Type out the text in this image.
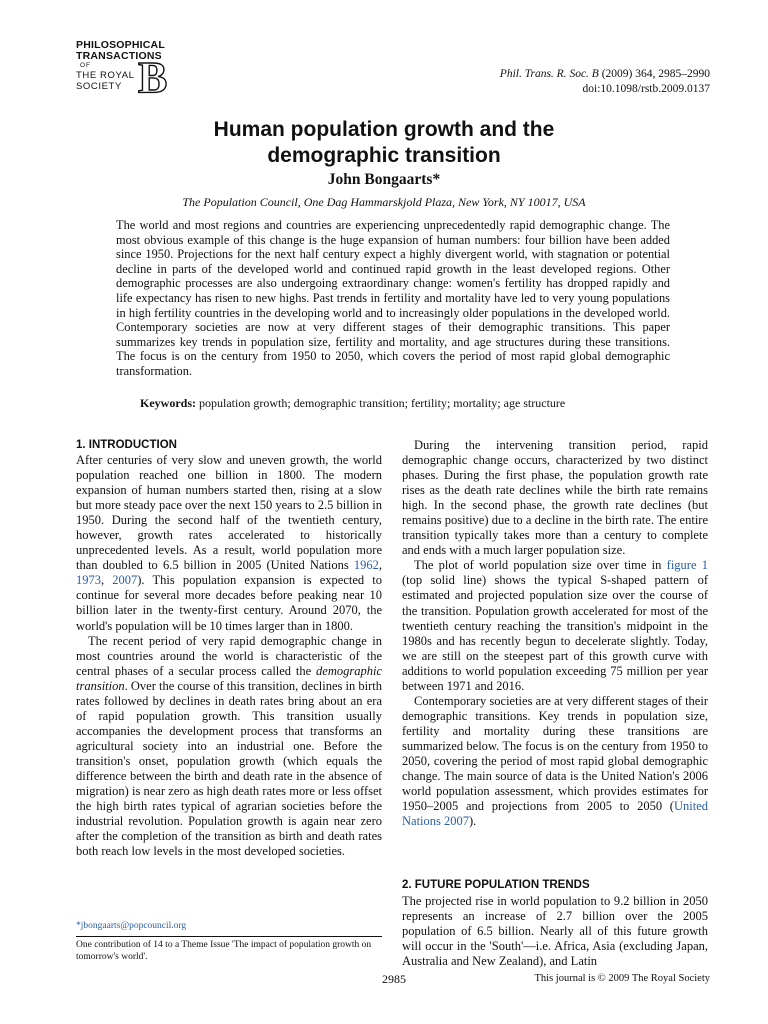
PHILOSOPHICAL
TRANSACTIONS
OF
THE ROYAL
SOCIETY B	Phil. Trans. R. Soc. B (2009) 364, 2985–2990
doi:10.1098/rstb.2009.0137
Human population growth and the
demographic transition
John Bongaarts*
The Population Council, One Dag Hammarskjold Plaza, New York, NY 10017, USA
The world and most regions and countries are experiencing unprecedentedly rapid demographic change. The most obvious example of this change is the huge expansion of human numbers: four billion have been added since 1950. Projections for the next half century expect a highly divergent world, with stagnation or potential decline in parts of the developed world and continued rapid growth in the least developed regions. Other demographic processes are also undergoing extraordinary change: women's fertility has dropped rapidly and life expectancy has risen to new highs. Past trends in fertility and mortality have led to very young populations in high fertility countries in the developing world and to increasingly older populations in the developed world. Contemporary societies are now at very different stages of their demographic transitions. This paper summarizes key trends in population size, fertility and mortality, and age structures during these transitions. The focus is on the century from 1950 to 2050, which covers the period of most rapid global demographic transformation.
Keywords: population growth; demographic transition; fertility; mortality; age structure
1. INTRODUCTION

After centuries of very slow and uneven growth, the world population reached one billion in 1800. The modern expansion of human numbers started then, rising at a slow but more steady pace over the next 150 years to 2.5 billion in 1950. During the second half of the twentieth century, however, growth rates accelerated to historically unprecedented levels. As a result, world population more than doubled to 6.5 billion in 2005 (United Nations 1962, 1973, 2007). This population expansion is expected to continue for several more decades before peaking near 10 billion later in the twenty-first century. Around 2070, the world's population will be 10 times larger than in 1800.

The recent period of very rapid demographic change in most countries around the world is characteristic of the central phases of a secular process called the demographic transition. Over the course of this transition, declines in birth rates followed by declines in death rates bring about an era of rapid population growth. This transition usually accompanies the development process that transforms an agricultural society into an industrial one. Before the transition's onset, population growth (which equals the difference between the birth and death rate in the absence of migration) is near zero as high death rates more or less offset the high birth rates typical of agrarian societies before the industrial revolution. Population growth is again near zero after the completion of the transition as birth and death rates both reach low levels in the most developed societies.

During the intervening transition period, rapid demographic change occurs, characterized by two distinct phases. During the first phase, the population growth rate rises as the death rate declines while the birth rate remains high. In the second phase, the growth rate declines (but remains positive) due to a decline in the birth rate. The entire transition typically takes more than a century to complete and ends with a much larger population size.

The plot of world population size over time in figure 1 (top solid line) shows the typical S-shaped pattern of estimated and projected population size over the course of the transition. Population growth accelerated for most of the twentieth century reaching the transition's midpoint in the 1980s and has recently begun to decelerate slightly. Today, we are still on the steepest part of this growth curve with additions to world population exceeding 75 million per year between 1971 and 2016.

Contemporary societies are at very different stages of their demographic transitions. Key trends in population size, fertility and mortality during these transitions are summarized below. The focus is on the century from 1950 to 2050, covering the period of most rapid global demographic change. The main source of data is the United Nation's 2006 world population assessment, which provides estimates for 1950–2005 and projections from 2005 to 2050 (United Nations 2007).

2. FUTURE POPULATION TRENDS
The projected rise in world population to 9.2 billion in 2050 represents an increase of 2.7 billion over the 2005 population of 6.5 billion. Nearly all of this future growth will occur in the 'South'—i.e. Africa, Asia (excluding Japan, Australia and New Zealand), and Latin
*jbongaarts@popcouncil.org
One contribution of 14 to a Theme Issue 'The impact of population growth on tomorrow's world'.
2985	This journal is © 2009 The Royal Society
